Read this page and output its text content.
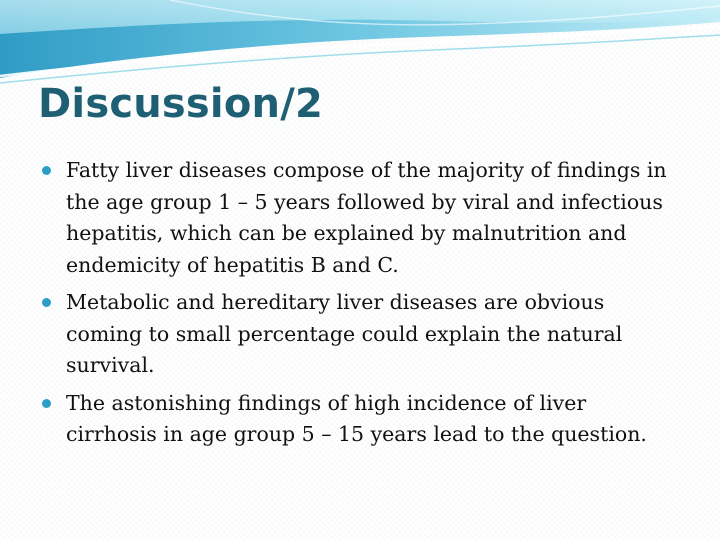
Discussion/2
Fatty liver diseases compose of the majority of findings in the age group 1 – 5 years followed by viral and infectious hepatitis, which can be explained by malnutrition and endemicity of hepatitis B and C.
Metabolic and hereditary liver diseases are obvious coming to small percentage could explain the natural survival.
The astonishing findings of high incidence of liver cirrhosis in age group 5 – 15 years lead to the question.
